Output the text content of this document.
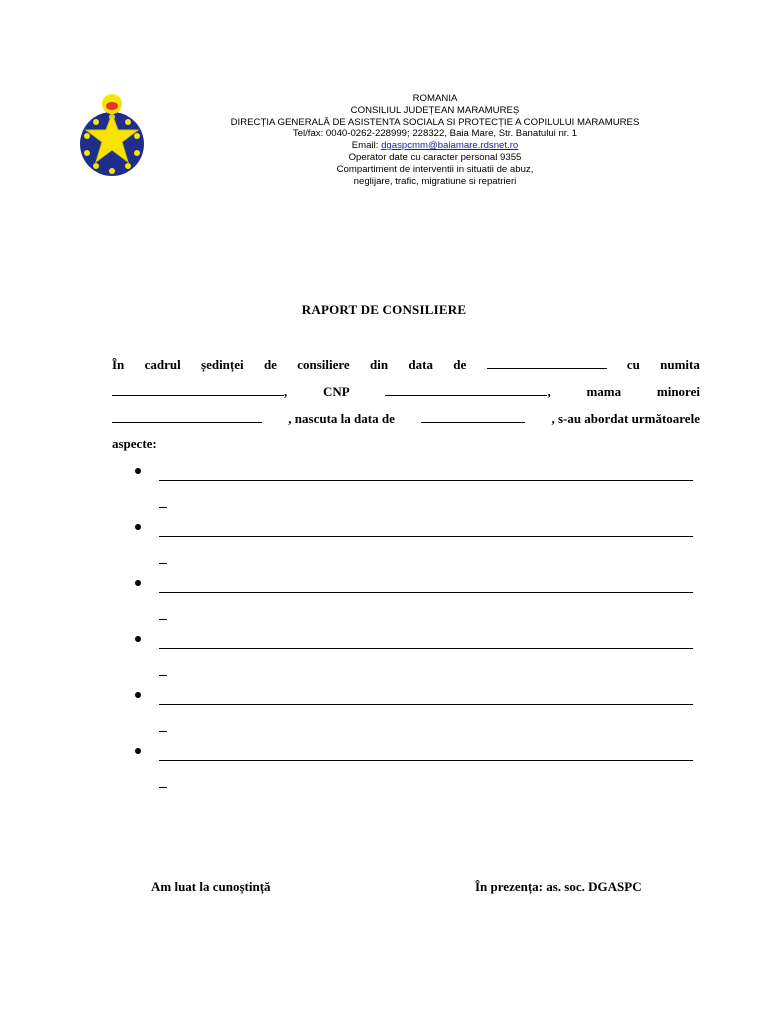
ROMANIA
CONSILIUL JUDEȚEAN MARAMUREȘ
DIRECȚIA GENERALĂ DE ASISTENTA SOCIALA SI PROTECȚIE A COPILULUI MARAMURES
Tel/fax: 0040-0262-228999; 228322, Baia Mare, Str. Banatului nr. 1
Email: dgaspcmm@baiamare.rdsnet.ro
Operator date cu caracter personal 9355
Compartiment de interventii in situatii de abuz,
neglijare, trafic, migratiune si repatrieri
RAPORT DE CONSILIERE
În cadrul ședinței de consiliere din data de	cu numita
,	CNP	,	mama	minorei
, nascuta la data de	, s-au abordat următoarele
aspecte:
Am luat la cunoștință	În prezența: as. soc. DGASPC
